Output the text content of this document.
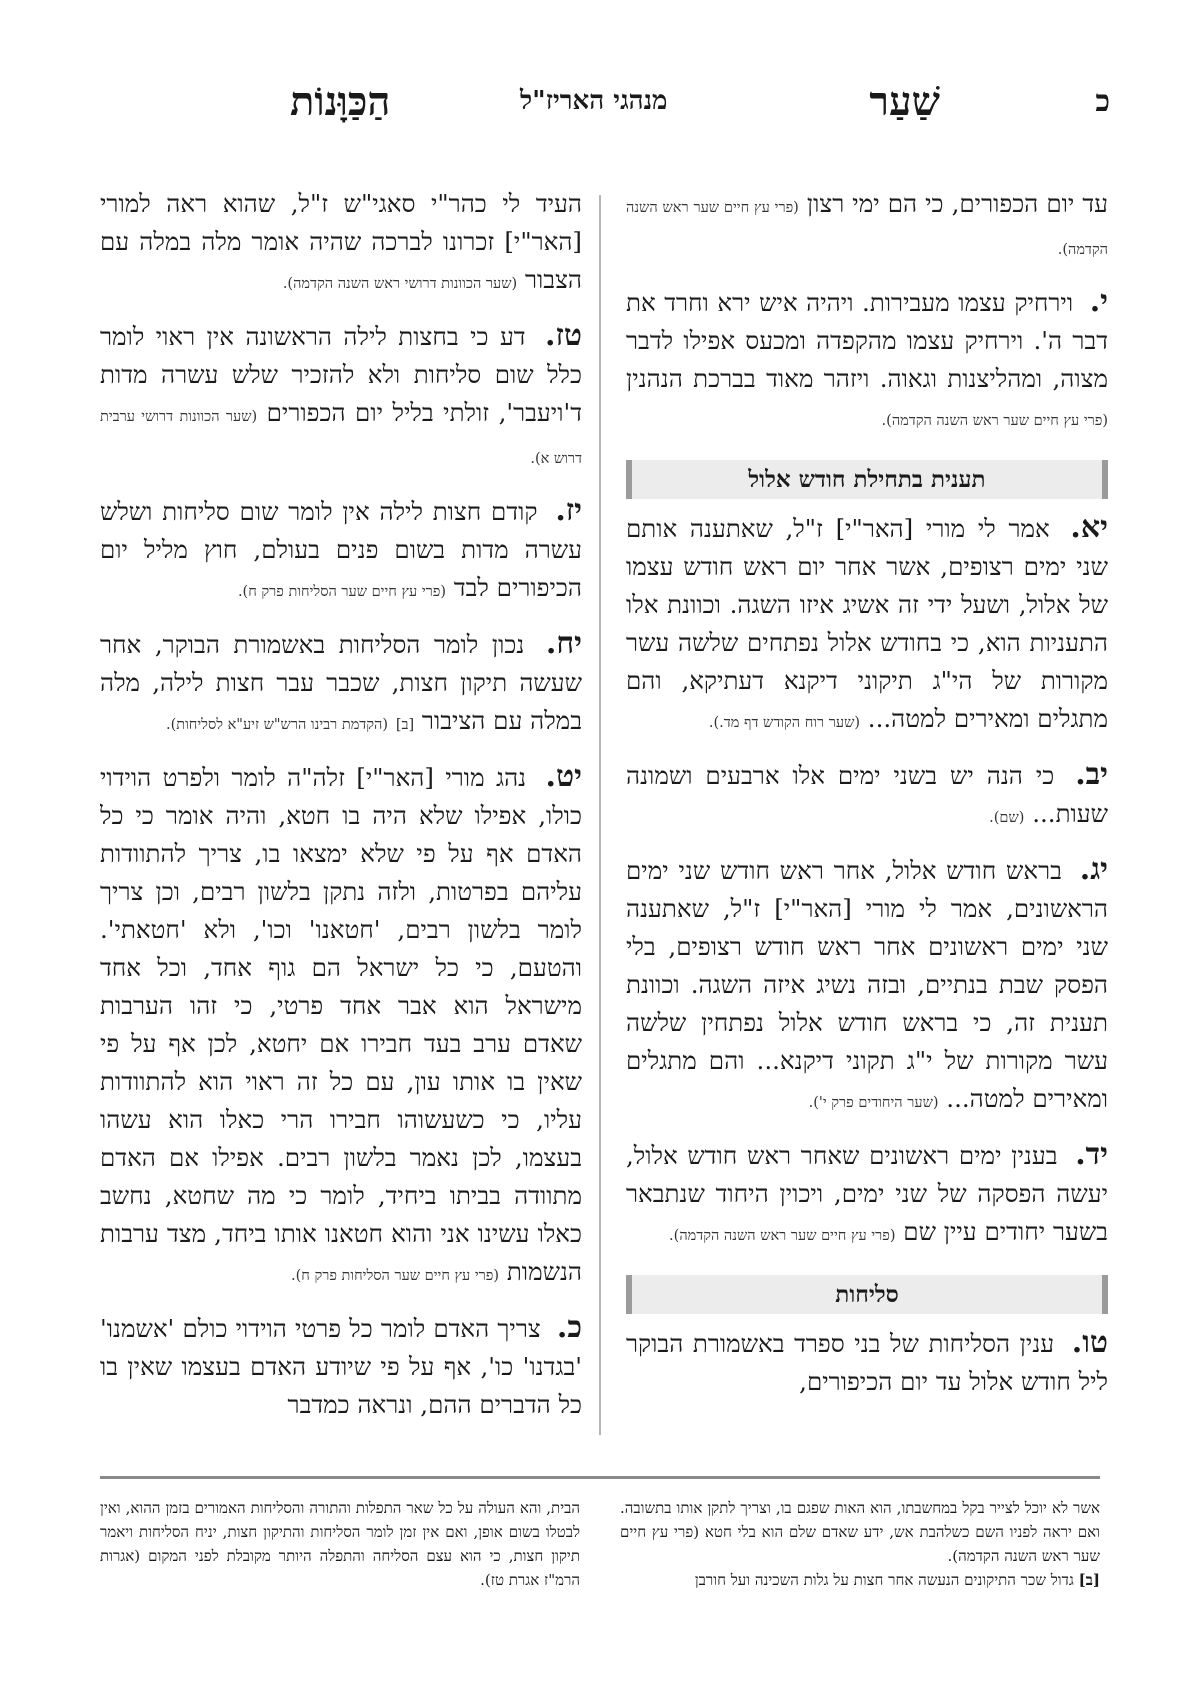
כ
שַׁעַר
מנהגי האריז"ל
הַכַּוָּנוֹת

עד יום הכפורים, כי הם ימי רצון (פרי עץ חיים שער ראש השנה הקדמה).

י. וירחיק עצמו מעבירות. ויהיה איש ירא וחרד את דבר ה'. וירחיק עצמו מהקפדה ומכעס אפילו לדבר מצוה, ומהליצנות וגאוה. ויזהר מאוד בברכת הנהנין (פרי עץ חיים שער ראש השנה הקדמה).

תענית בתחילת חודש אלול

יא. אמר לי מורי [האר"י] ז"ל, שאתענה אותם שני ימים רצופים, אשר אחר יום ראש חודש עצמו של אלול, ושעל ידי זה אשיג איזו השגה. וכוונת אלו התעניות הוא, כי בחודש אלול נפתחים שלשה עשר מקורות של הי"ג תיקוני דיקנא דעתיקא, והם מתגלים ומאירים למטה... (שער רוח הקודש דף מד.).

יב. כי הנה יש בשני ימים אלו ארבעים ושמונה שעות... (שם).

יג. בראש חודש אלול, אחר ראש חודש שני ימים הראשונים, אמר לי מורי [האר"י] ז"ל, שאתענה שני ימים ראשונים אחר ראש חודש רצופים, בלי הפסק שבת בנתיים, ובזה נשיג איזה השגה. וכוונת תענית זה, כי בראש חודש אלול נפתחין שלשה עשר מקורות של י"ג תקוני דיקנא... והם מתגלים ומאירים למטה... (שער היחודים פרק י').

יד. בענין ימים ראשונים שאחר ראש חודש אלול, יעשה הפסקה של שני ימים, ויכוין היחוד שנתבאר בשער יחודים עיין שם (פרי עץ חיים שער ראש השנה הקדמה).

סליחות

טו. ענין הסליחות של בני ספרד באשמורת הבוקר ליל חודש אלול עד יום הכיפורים,

העיד לי כהר"י סאגי"ש ז"ל, שהוא ראה למורי [האר"י] זכרונו לברכה שהיה אומר מלה במלה עם הצבור (שער הכוונות דרושי ראש השנה הקדמה).

טז. דע כי בחצות לילה הראשונה אין ראוי לומר כלל שום סליחות ולא להזכיר שלש עשרה מדות ד'ויעבר', זולתי בליל יום הכפורים (שער הכוונות דרושי ערבית דרוש א).

יז. קודם חצות לילה אין לומר שום סליחות ושלש עשרה מדות בשום פנים בעולם, חוץ מליל יום הכיפורים לבד (פרי עץ חיים שער הסליחות פרק ח).

יח. נכון לומר הסליחות באשמורת הבוקר, אחר שעשה תיקון חצות, שכבר עבר חצות לילה, מלה במלה עם הציבור [ב] (הקדמת רבינו הרש"ש זיע"א לסליחות).

יט. נהג מורי [האר"י] זלה"ה לומר ולפרט הוידוי כולו, אפילו שלא היה בו חטא, והיה אומר כי כל האדם אף על פי שלא ימצאו בו, צריך להתוודות עליהם בפרטות, ולזה נתקן בלשון רבים, וכן צריך לומר בלשון רבים, 'חטאנו' וכו', ולא 'חטאתי'. והטעם, כי כל ישראל הם גוף אחד, וכל אחד מישראל הוא אבר אחד פרטי, כי זהו הערבות שאדם ערב בעד חבירו אם יחטא, לכן אף על פי שאין בו אותו עון, עם כל זה ראוי הוא להתוודות עליו, כי כשעשוהו חבירו הרי כאלו הוא עשהו בעצמו, לכן נאמר בלשון רבים. אפילו אם האדם מתוודה בביתו ביחיד, לומר כי מה שחטא, נחשב כאלו עשינו אני והוא חטאנו אותו ביחד, מצד ערבות הנשמות (פרי עץ חיים שער הסליחות פרק ח).

כ. צריך האדם לומר כל פרטי הוידוי כולם 'אשמנו' 'בגדנו' כו', אף על פי שיודע האדם בעצמו שאין בו כל הדברים ההם, ונראה כמדבר

אשר לא יוכל לצייר בקל במחשבתו, הוא האות שפגם בו, וצריך לתקן אותו בתשובה. ואם יראה לפניו השם כשלהבת אש, ידע שאדם שלם הוא בלי חטא (פרי עץ חיים שער ראש השנה הקדמה).

[ב] גדול שכר התיקונים הנעשה אחר חצות על גלות השכינה ועל חורבן

הבית, והא העולה על כל שאר התפלות והתורה והסליחות האמורים בזמן ההוא, ואין לבטלו בשום אופן, ואם אין זמן לומר הסליחות והתיקון חצות, יניח הסליחות ויאמר תיקון חצות, כי הוא עצם הסליחה והתפלה היותר מקובלת לפני המקום (אגרות הרמ"ז אגרת טז).
